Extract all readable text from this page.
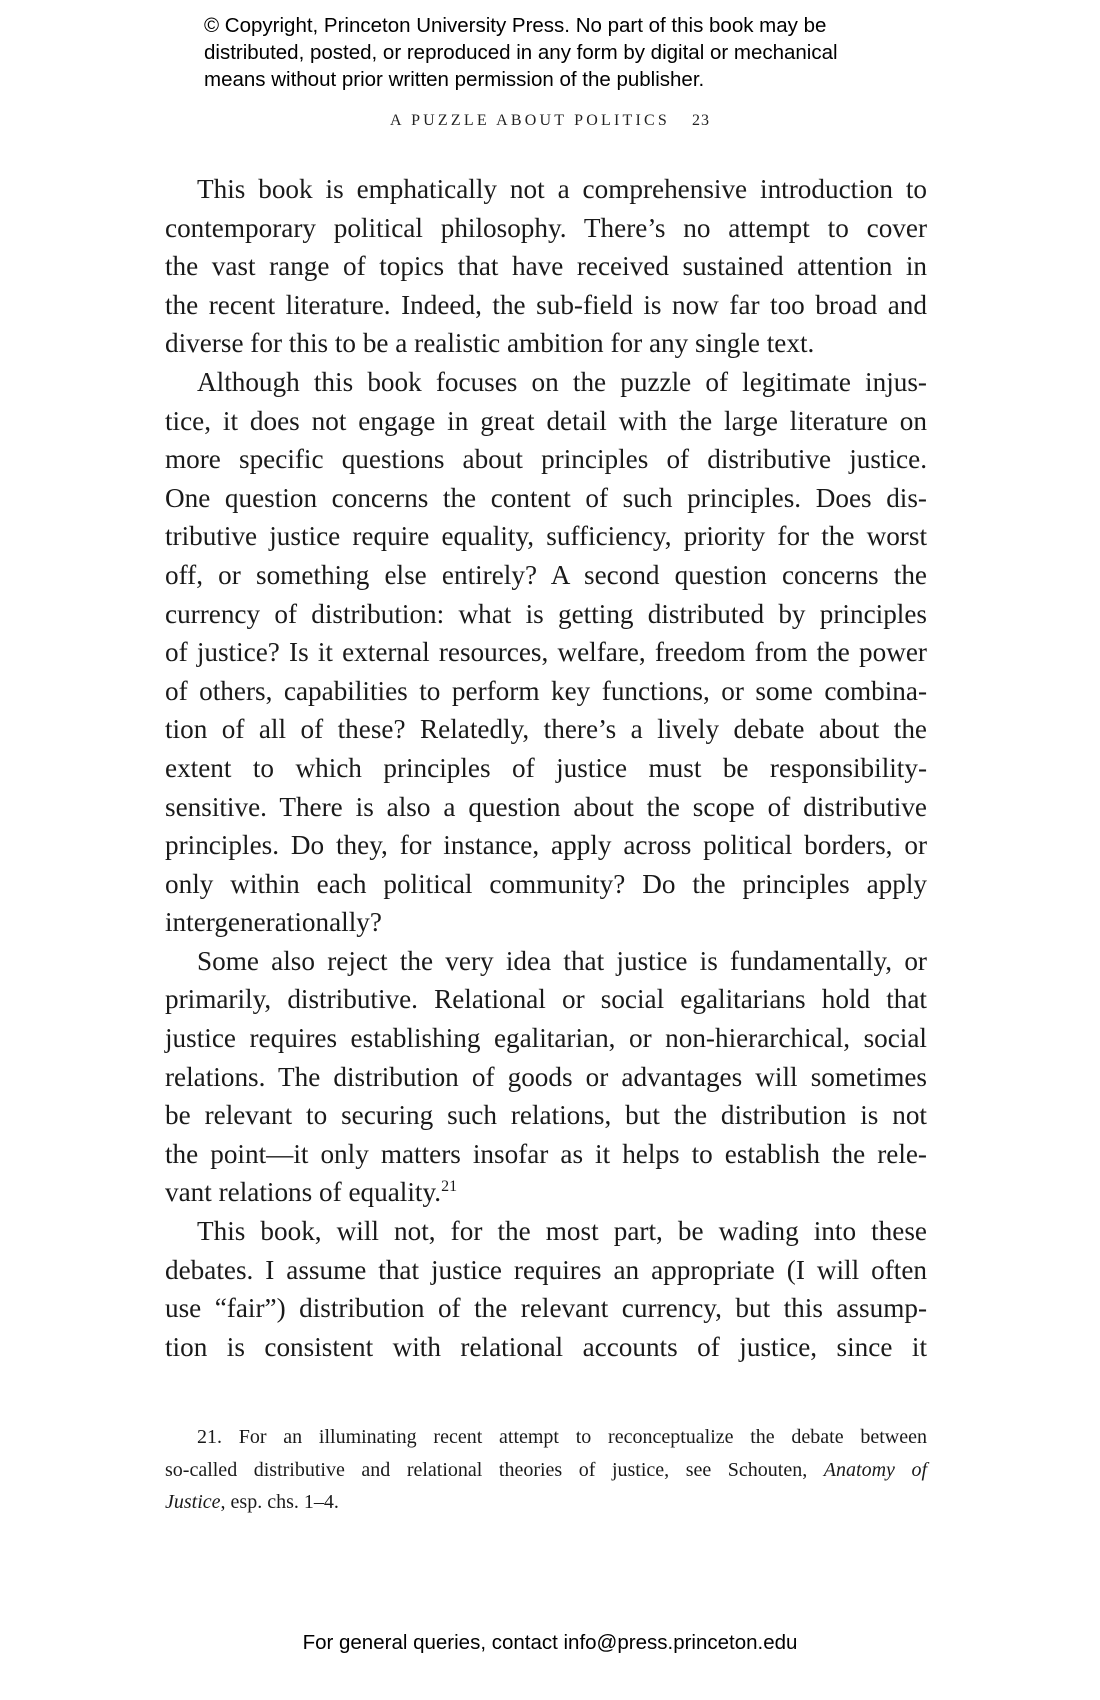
© Copyright, Princeton University Press. No part of this book may be
distributed, posted, or reproduced in any form by digital or mechanical
means without prior written permission of the publisher.
A PUZZLE ABOUT POLITICS 23
This book is emphatically not a comprehensive introduction to
contemporary political philosophy. There’s no attempt to cover
the vast range of topics that have received sustained attention in
the recent literature. Indeed, the sub-field is now far too broad and
diverse for this to be a realistic ambition for any single text.
Although this book focuses on the puzzle of legitimate injus-
tice, it does not engage in great detail with the large literature on
more specific questions about principles of distributive justice.
One question concerns the content of such principles. Does dis-
tributive justice require equality, sufficiency, priority for the worst
off, or something else entirely? A second question concerns the
currency of distribution: what is getting distributed by principles
of justice? Is it external resources, welfare, freedom from the power
of others, capabilities to perform key functions, or some combina-
tion of all of these? Relatedly, there’s a lively debate about the
extent to which principles of justice must be responsibility-
sensitive. There is also a question about the scope of distributive
principles. Do they, for instance, apply across political borders, or
only within each political community? Do the principles apply
intergenerationally?
Some also reject the very idea that justice is fundamentally, or
primarily, distributive. Relational or social egalitarians hold that
justice requires establishing egalitarian, or non-hierarchical, social
relations. The distribution of goods or advantages will sometimes
be relevant to securing such relations, but the distribution is not
the point—it only matters insofar as it helps to establish the rele-
vant relations of equality.$^{21}$
This book, will not, for the most part, be wading into these
debates. I assume that justice requires an appropriate (I will often
use “fair”) distribution of the relevant currency, but this assump-
tion is consistent with relational accounts of justice, since it
21. For an illuminating recent attempt to reconceptualize the debate between
so-called distributive and relational theories of justice, see Schouten, Anatomy of
Justice, esp. chs. 1–4.
For general queries, contact info@press.princeton.edu
